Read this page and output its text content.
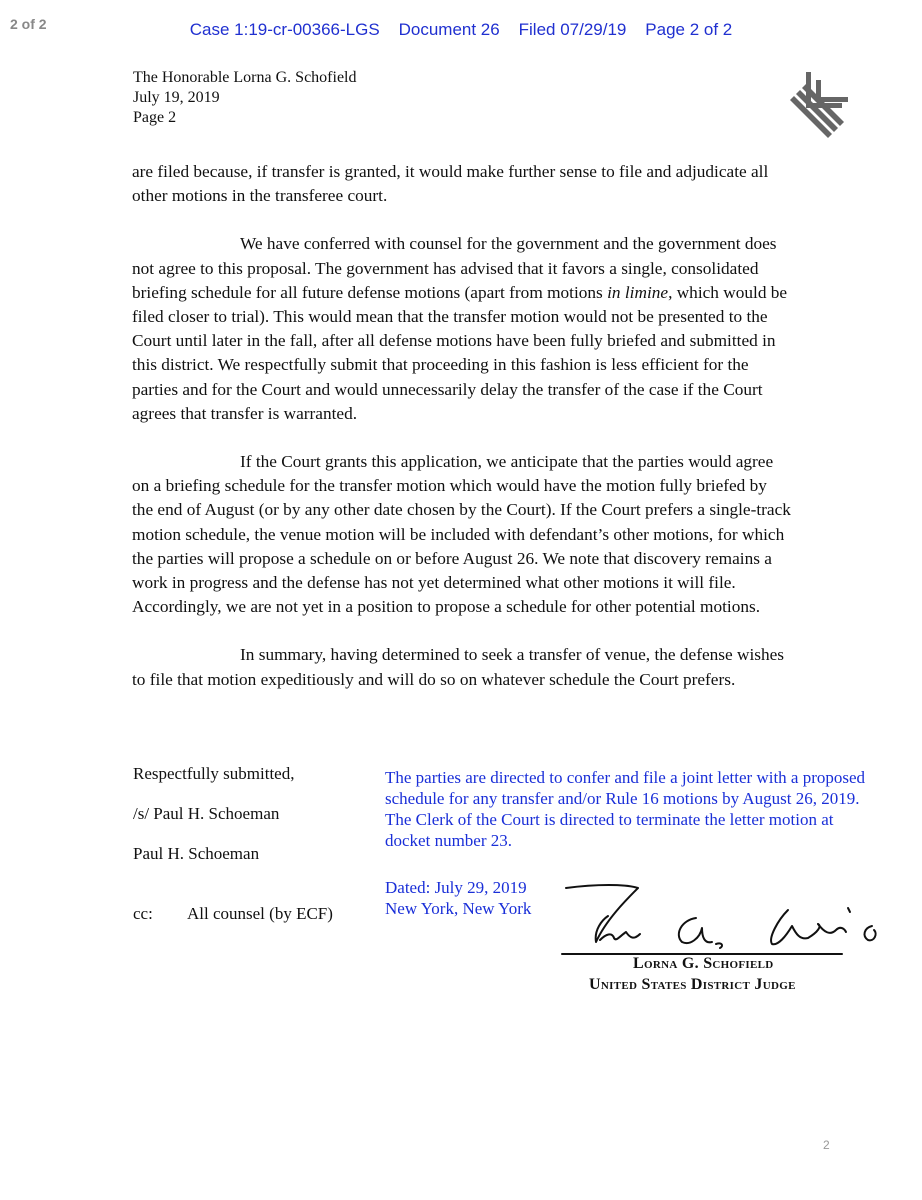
2 of 2	Case 1:19-cr-00366-LGS Document 26 Filed 07/29/19 Page 2 of 2
The Honorable Lorna G. Schofield
July 19, 2019
Page 2

are filed because, if transfer is granted, it would make further sense to file and adjudicate all other motions in the transferee court.

We have conferred with counsel for the government and the government does not agree to this proposal. The government has advised that it favors a single, consolidated briefing schedule for all future defense motions (apart from motions in limine, which would be filed closer to trial). This would mean that the transfer motion would not be presented to the Court until later in the fall, after all defense motions have been fully briefed and submitted in this district. We respectfully submit that proceeding in this fashion is less efficient for the parties and for the Court and would unnecessarily delay the transfer of the case if the Court agrees that transfer is warranted.

If the Court grants this application, we anticipate that the parties would agree on a briefing schedule for the transfer motion which would have the motion fully briefed by the end of August (or by any other date chosen by the Court). If the Court prefers a single-track motion schedule, the venue motion will be included with defendant’s other motions, for which the parties will propose a schedule on or before August 26. We note that discovery remains a work in progress and the defense has not yet determined what other motions it will file. Accordingly, we are not yet in a position to propose a schedule for other potential motions.

In summary, having determined to seek a transfer of venue, the defense wishes to file that motion expeditiously and will do so on whatever schedule the Court prefers.

Respectfully submitted,
/s/ Paul H. Schoeman
Paul H. Schoeman
cc: All counsel (by ECF)
The parties are directed to confer and file a joint letter with a proposed schedule for any transfer and/or Rule 16 motions by August 26, 2019. The Clerk of the Court is directed to terminate the letter motion at docket number 23.
Dated: July 29, 2019
New York, New York
Lorna G. Schofield
United States District Judge
2
